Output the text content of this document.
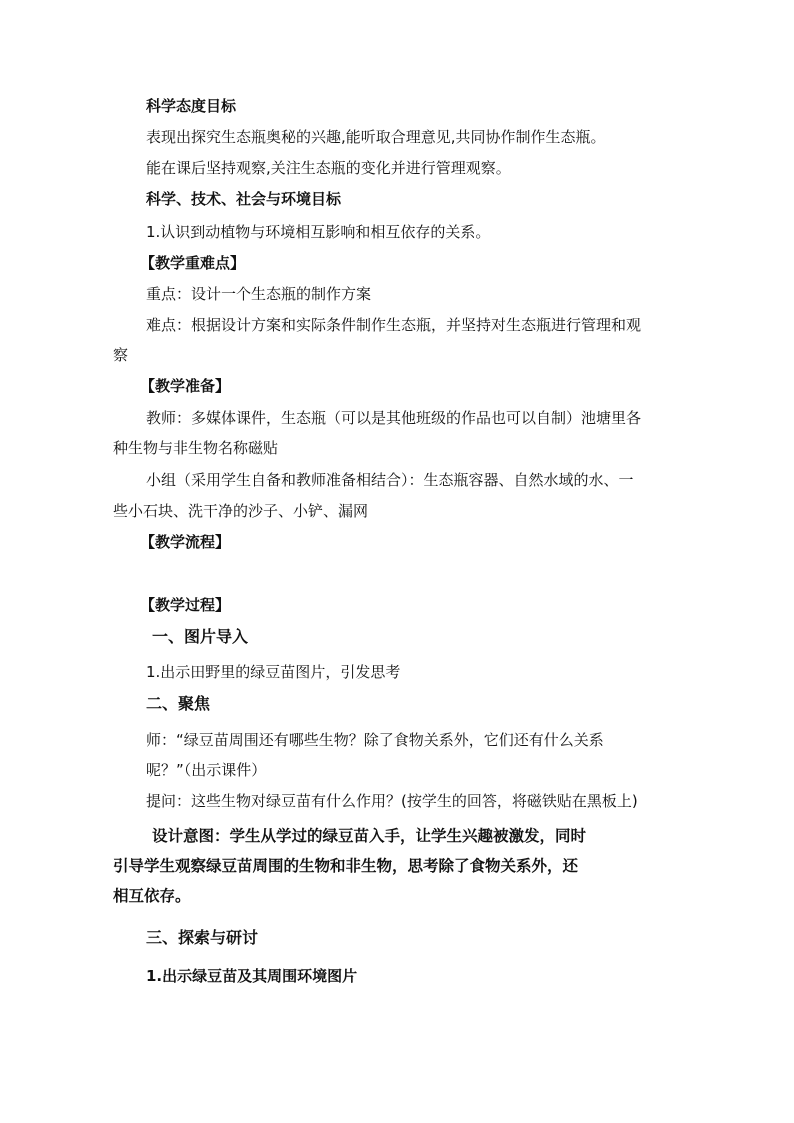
科学态度目标
表现出探究生态瓶奥秘的兴趣,能听取合理意见,共同协作制作生态瓶。
能在课后坚持观察,关注生态瓶的变化并进行管理观察。
科学、技术、社会与环境目标
1.认识到动植物与环境相互影响和相互依存的关系。
【教学重难点】
重点：设计一个生态瓶的制作方案
难点：根据设计方案和实际条件制作生态瓶，并坚持对生态瓶进行管理和观
察
【教学准备】
教师：多媒体课件，生态瓶（可以是其他班级的作品也可以自制）池塘里各
种生物与非生物名称磁贴
小组（采用学生自备和教师准备相结合）：生态瓶容器、自然水域的水、一
些小石块、洗干净的沙子、小铲、漏网
【教学流程】
【教学过程】
一、图片导入
1.出示田野里的绿豆苗图片，引发思考
二、聚焦
师：“绿豆苗周围还有哪些生物？除了食物关系外，它们还有什么关系
呢？”（出示课件）
提问：这些生物对绿豆苗有什么作用？(按学生的回答，将磁铁贴在黑板上)
设计意图：学生从学过的绿豆苗入手，让学生兴趣被激发，同时
引导学生观察绿豆苗周围的生物和非生物，思考除了食物关系外，还
相互依存。
三、探索与研讨
1.出示绿豆苗及其周围环境图片
